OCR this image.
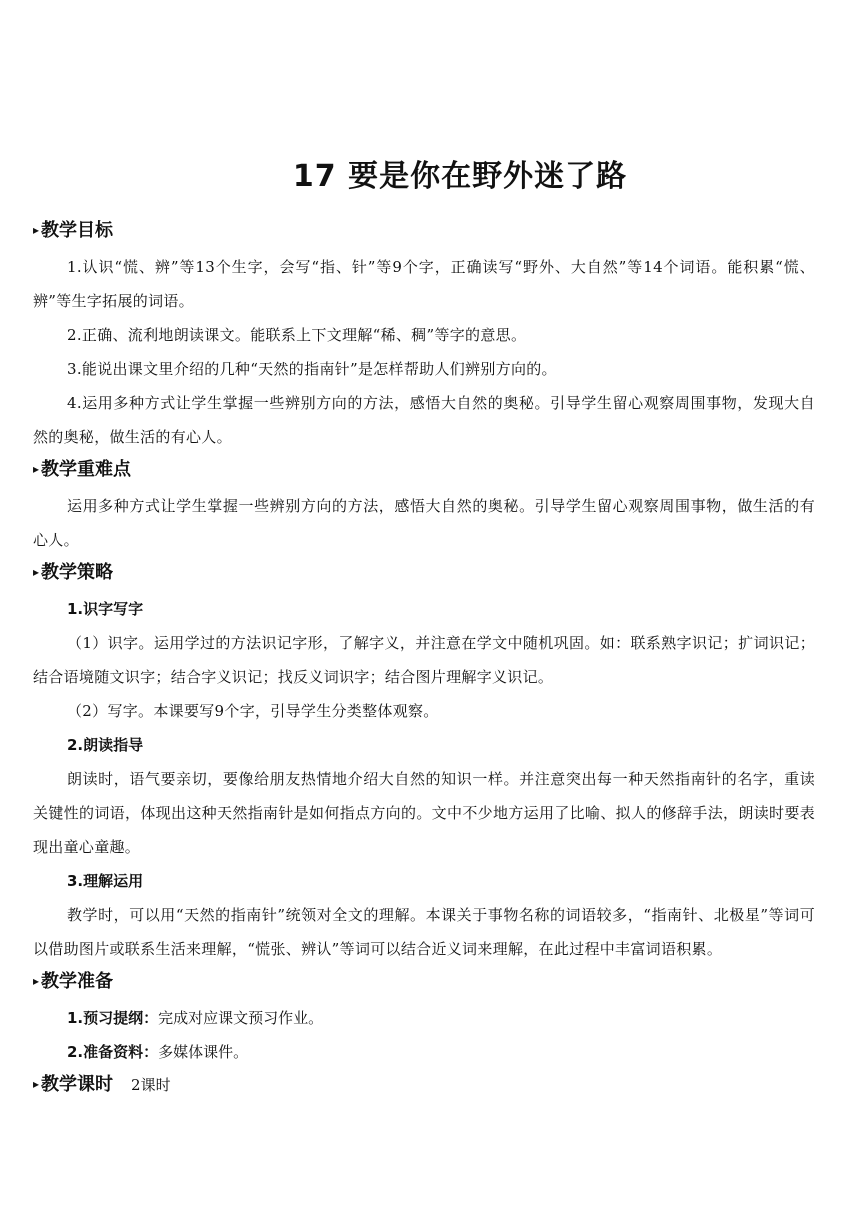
17 要是你在野外迷了路
▸ 教学目标

1.认识“慌、辨”等13个生字，会写“指、针”等9个字，正确读写“野外、大自然”等14个词语。能积累“慌、辨”等生字拓展的词语。

2.正确、流利地朗读课文。能联系上下文理解“稀、稠”等字的意思。

3.能说出课文里介绍的几种“天然的指南针”是怎样帮助人们辨别方向的。

4.运用多种方式让学生掌握一些辨别方向的方法，感悟大自然的奥秘。引导学生留心观察周围事物，发现大自然的奥秘，做生活的有心人。

▸ 教学重难点

运用多种方式让学生掌握一些辨别方向的方法，感悟大自然的奥秘。引导学生留心观察周围事物，做生活的有心人。

▸ 教学策略
1.识字写字

（1）识字。运用学过的方法识记字形，了解字义，并注意在学文中随机巩固。如：联系熟字识记；扩词识记；结合语境随文识字；结合字义识记；找反义词识字；结合图片理解字义识记。

（2）写字。本课要写9个字，引导学生分类整体观察。

2.朗读指导

朗读时，语气要亲切，要像给朋友热情地介绍大自然的知识一样。并注意突出每一种天然指南针的名字，重读关键性的词语，体现出这种天然指南针是如何指点方向的。文中不少地方运用了比喻、拟人的修辞手法，朗读时要表现出童心童趣。

3.理解运用

教学时，可以用“天然的指南针”统领对全文的理解。本课关于事物名称的词语较多，“指南针、北极星”等词可以借助图片或联系生活来理解，“慌张、辨认”等词可以结合近义词来理解，在此过程中丰富词语积累。

▸ 教学准备
1.预习提纲：完成对应课文预习作业。
2.准备资料：多媒体课件。
▸ 教学课时 2课时
